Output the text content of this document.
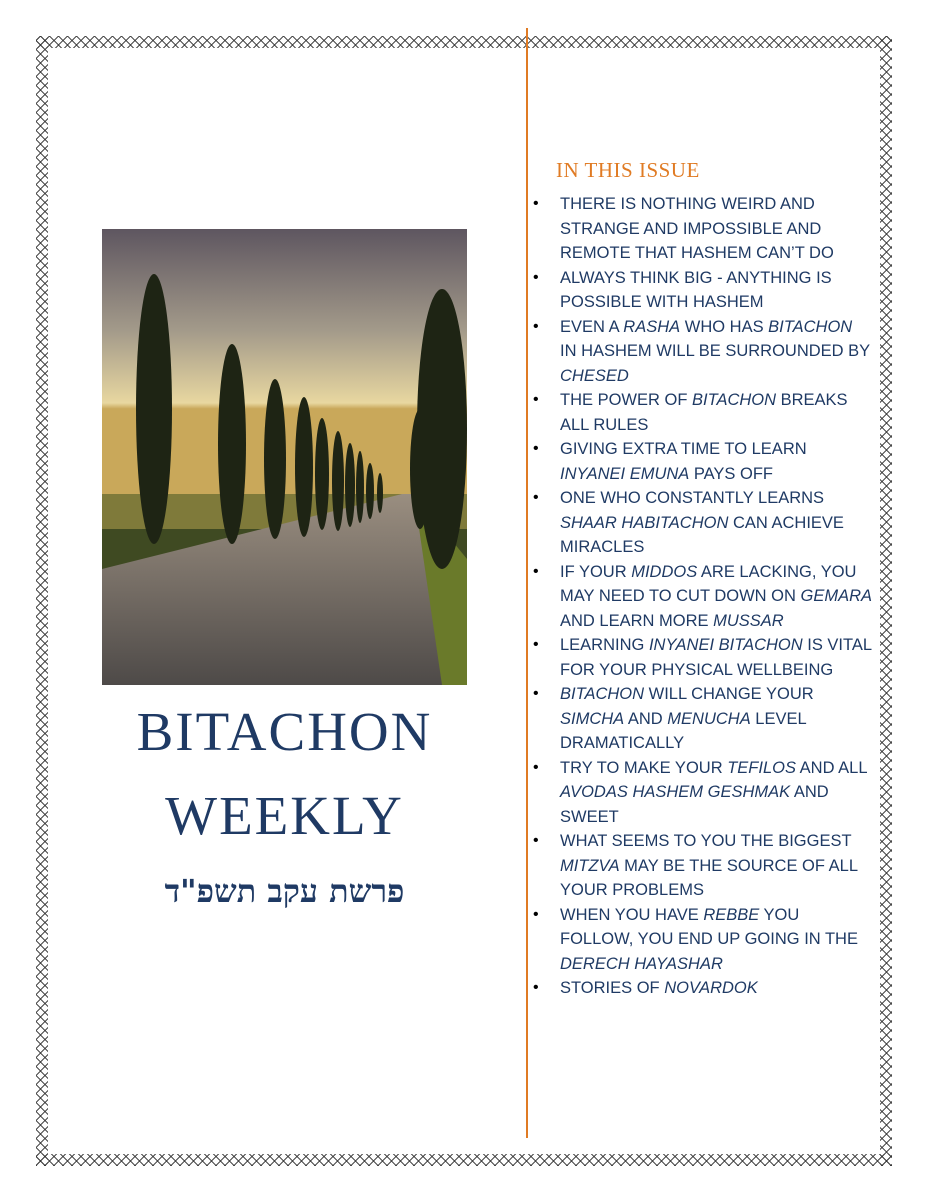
BITACHON
WEEKLY
פרשת עקב תשפ"ד
IN THIS ISSUE
• THERE IS NOTHING WEIRD AND STRANGE AND IMPOSSIBLE AND REMOTE THAT HASHEM CAN’T DO
• ALWAYS THINK BIG - ANYTHING IS POSSIBLE WITH HASHEM
• EVEN A RASHA WHO HAS BITACHON IN HASHEM WILL BE SURROUNDED BY CHESED
• THE POWER OF BITACHON BREAKS ALL RULES
• GIVING EXTRA TIME TO LEARN INYANEI EMUNA PAYS OFF
• ONE WHO CONSTANTLY LEARNS SHAAR HABITACHON CAN ACHIEVE MIRACLES
• IF YOUR MIDDOS ARE LACKING, YOU MAY NEED TO CUT DOWN ON GEMARA AND LEARN MORE MUSSAR
• LEARNING INYANEI BITACHON IS VITAL FOR YOUR PHYSICAL WELLBEING
• BITACHON WILL CHANGE YOUR SIMCHA AND MENUCHA LEVEL DRAMATICALLY
• TRY TO MAKE YOUR TEFILOS AND ALL AVODAS HASHEM GESHMAK AND SWEET
• WHAT SEEMS TO YOU THE BIGGEST MITZVA MAY BE THE SOURCE OF ALL YOUR PROBLEMS
• WHEN YOU HAVE REBBE YOU FOLLOW, YOU END UP GOING IN THE DERECH HAYASHAR
• STORIES OF NOVARDOK
